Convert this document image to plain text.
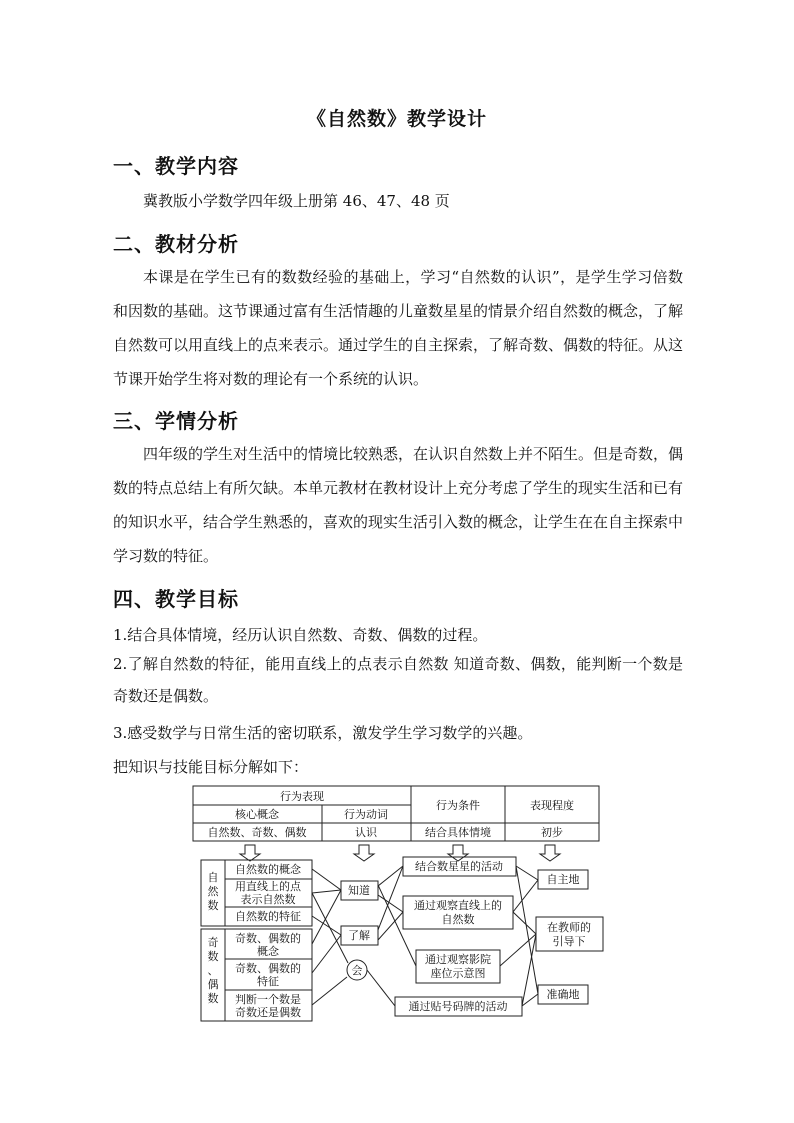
《自然数》教学设计
一、教学内容
冀教版小学数学四年级上册第 46、47、48 页
二、教材分析
本课是在学生已有的数数经验的基础上，学习“自然数的认识”，是学生学习倍数和因数的基础。这节课通过富有生活情趣的儿童数星星的情景介绍自然数的概念，了解自然数可以用直线上的点来表示。通过学生的自主探索，了解奇数、偶数的特征。从这节课开始学生将对数的理论有一个系统的认识。
三、学情分析
四年级的学生对生活中的情境比较熟悉，在认识自然数上并不陌生。但是奇数，偶数的特点总结上有所欠缺。本单元教材在教材设计上充分考虑了学生的现实生活和已有的知识水平，结合学生熟悉的，喜欢的现实生活引入数的概念，让学生在在自主探索中学习数的特征。
四、教学目标
1.结合具体情境，经历认识自然数、奇数、偶数的过程。
2.了解自然数的特征，能用直线上的点表示自然数 知道奇数、偶数，能判断一个数是奇数还是偶数。
3.感受数学与日常生活的密切联系，激发学生学习数学的兴趣。
把知识与技能目标分解如下：
行为表现
核心概念	行为动词
行为条件	表现程度
自然数、奇数、偶数	认识	结合具体情境	初步
自然数
奇数、偶数
自然数的概念
用直线上的点
表示自然数
自然数的特征
奇数、偶数的
概念
奇数、偶数的
特征
判断一个数是
奇数还是偶数
知道
了解
会
结合数星星的活动
通过观察直线上的
自然数
通过观察影院
座位示意图
通过贴号码牌的活动
自主地
在教师的
引导下
准确地
